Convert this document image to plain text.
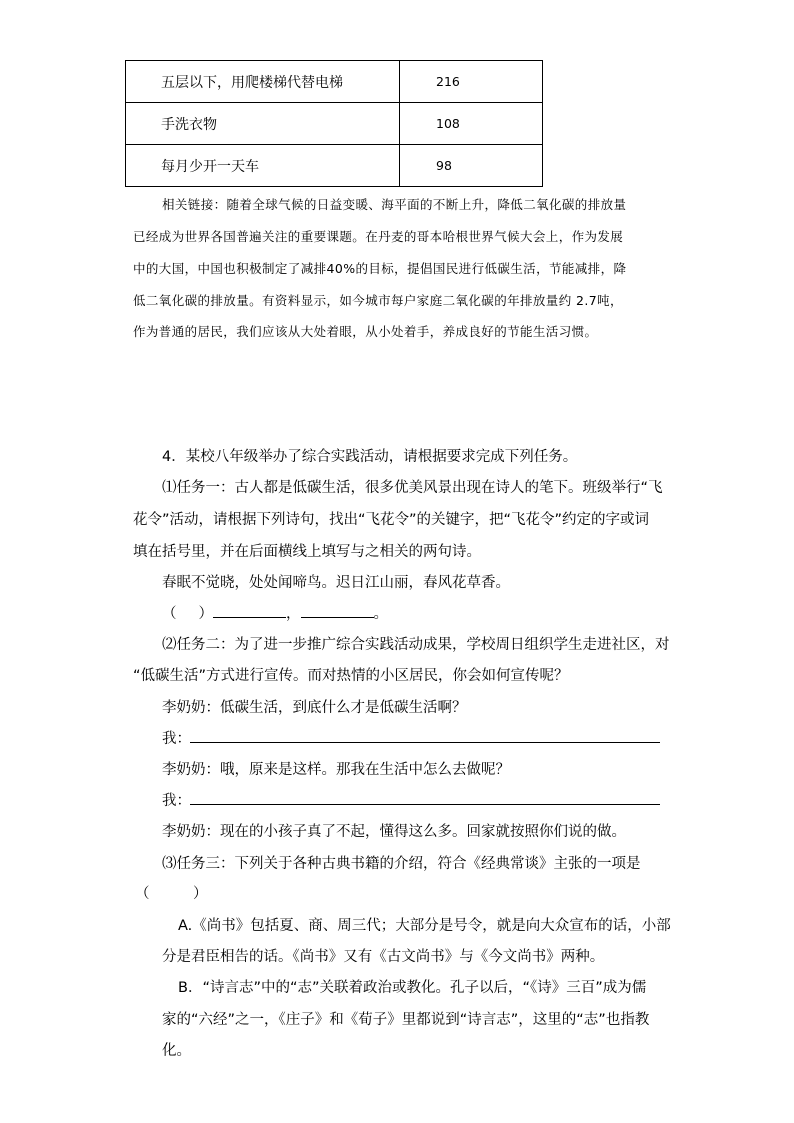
五层以下，用爬楼梯代替电梯	216
手洗衣物	108
每月少开一天车	98
相关链接：随着全球气候的日益变暖、海平面的不断上升，降低二氧化碳的排放量
已经成为世界各国普遍关注的重要课题。在丹麦的哥本哈根世界气候大会上，作为发展
中的大国，中国也积极制定了减排40%的目标，提倡国民进行低碳生活，节能减排，降
低二氧化碳的排放量。有资料显示，如今城市每户家庭二氧化碳的年排放量约 2.7吨，
作为普通的居民，我们应该从大处着眼，从小处着手，养成良好的节能生活习惯。
4．某校八年级举办了综合实践活动，请根据要求完成下列任务。
⑴任务一：古人都是低碳生活，很多优美风景出现在诗人的笔下。班级举行“飞
花令”活动，请根据下列诗句，找出“飞花令”的关键字，把“飞花令”约定的字或词
填在括号里，并在后面横线上填写与之相关的两句诗。
春眠不觉晓，处处闻啼鸟。迟日江山丽，春风花草香。
（ ）	，	。
⑵任务二：为了进一步推广综合实践活动成果，学校周日组织学生走进社区，对
“低碳生活”方式进行宣传。而对热情的小区居民，你会如何宣传呢？
李奶奶：低碳生活，到底什么才是低碳生活啊？
我：
李奶奶：哦，原来是这样。那我在生活中怎么去做呢？
我：
李奶奶：现在的小孩子真了不起，懂得这么多。回家就按照你们说的做。
⑶任务三：下列关于各种古典书籍的介绍，符合《经典常谈》主张的一项是
（　　　）
A.《尚书》包括夏、商、周三代；大部分是号令，就是向大众宣布的话，小部
分是君臣相告的话。《尚书》又有《古文尚书》与《今文尚书》两种。
B．“诗言志”中的“志”关联着政治或教化。孔子以后，“《诗》三百”成为儒
家的“六经”之一，《庄子》和《荀子》里都说到“诗言志”，这里的“志”也指教
化。
